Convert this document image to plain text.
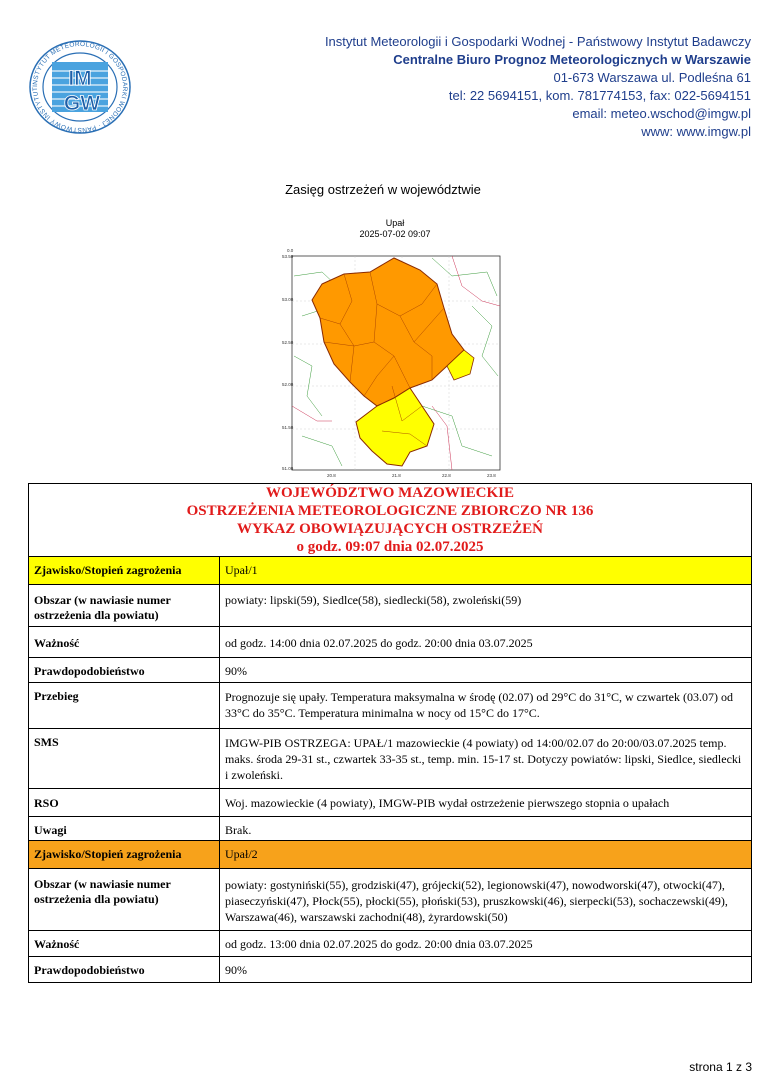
INSTYTUT METEOROLOGII I GOSPODARKI WODNEJ · PAŃSTWOWY INSTYTUT	IM
GW
Instytut Meteorologii i Gospodarki Wodnej - Państwowy Instytut Badawczy
Centralne Biuro Prognoz Meteorologicznych w Warszawie
01-673 Warszawa ul. Podleśna 61
tel: 22 5694151, kom. 781774153, fax: 022-5694151
email: meteo.wschod@imgw.pl
www: www.imgw.pl
Zasięg ostrzeżeń w województwie
Upał
2025-07-02 09:07
53.50
53.00
52.50
52.00
51.50
51.00
20.8	21.8	22.8	23.8
0.0
WOJEWÓDZTWO MAZOWIECKIE
OSTRZEŻENIA METEOROLOGICZNE ZBIORCZO NR 136
WYKAZ OBOWIĄZUJĄCYCH OSTRZEŻEŃ
o godz. 09:07 dnia 02.07.2025	

Zjawisko/Stopień zagrożenia	Upał/1
Obszar (w nawiasie numer ostrzeżenia dla powiatu)	powiaty: lipski(59), Siedlce(58), siedlecki(58), zwoleński(59)
Ważność	od godz. 14:00 dnia 02.07.2025 do godz. 20:00 dnia 03.07.2025
Prawdopodobieństwo	90%
Przebieg	Prognozuje się upały. Temperatura maksymalna w środę (02.07) od 29°C do 31°C, w czwartek (03.07) od 33°C do 35°C. Temperatura minimalna w nocy od 15°C do 17°C.
SMS	IMGW-PIB OSTRZEGA: UPAŁ/1 mazowieckie (4 powiaty) od 14:00/02.07 do 20:00/03.07.2025 temp. maks. środa 29-31 st., czwartek 33-35 st., temp. min. 15-17 st. Dotyczy powiatów: lipski, Siedlce, siedlecki i zwoleński.
RSO	Woj. mazowieckie (4 powiaty), IMGW-PIB wydał ostrzeżenie pierwszego stopnia o upałach
Uwagi	Brak.
Zjawisko/Stopień zagrożenia	Upał/2
Obszar (w nawiasie numer ostrzeżenia dla powiatu)	powiaty: gostyniński(55), grodziski(47), grójecki(52), legionowski(47), nowodworski(47), otwocki(47), piaseczyński(47), Płock(55), płocki(55), płoński(53), pruszkowski(46), sierpecki(53), sochaczewski(49), Warszawa(46), warszawski zachodni(48), żyrardowski(50)
Ważność	od godz. 13:00 dnia 02.07.2025 do godz. 20:00 dnia 03.07.2025
Prawdopodobieństwo	90%
strona 1 z 3
